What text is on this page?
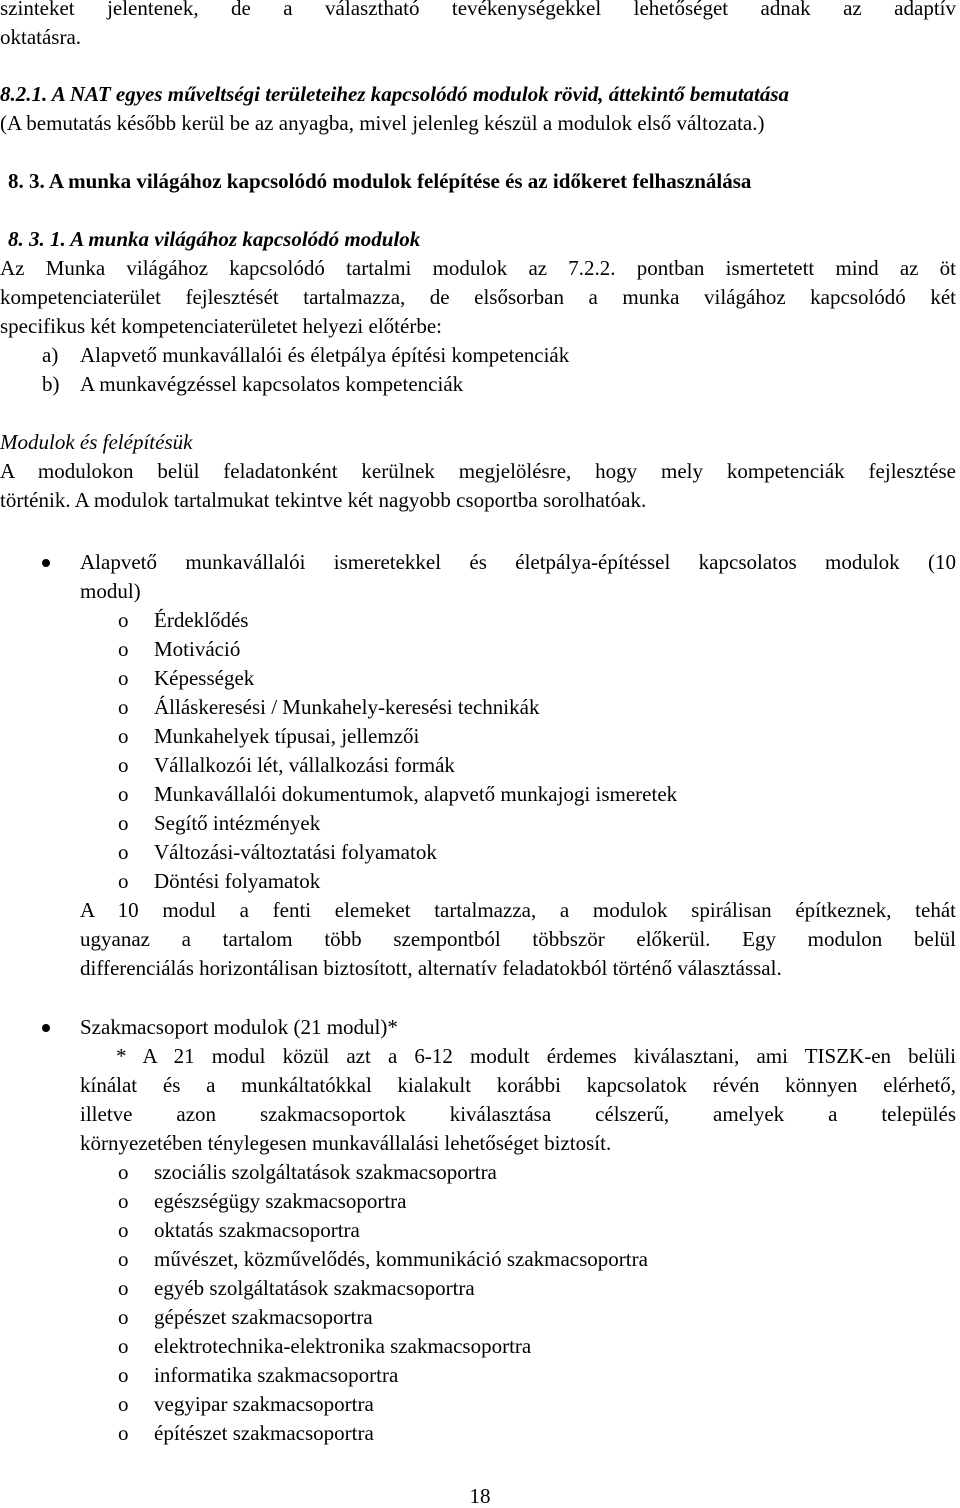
szinteket jelentenek, de a választható tevékenységekkel lehetőséget adnak az adaptív
oktatásra.
8.2.1. A NAT egyes műveltségi területeihez kapcsolódó modulok rövid, áttekintő bemutatása
(A bemutatás később kerül be az anyagba, mivel jelenleg készül a modulok első változata.)
8. 3. A munka világához kapcsolódó modulok felépítése és az időkeret felhasználása
8. 3. 1. A munka világához kapcsolódó modulok
Az Munka világához kapcsolódó tartalmi modulok az 7.2.2. pontban ismertetett mind az öt
kompetenciaterület fejlesztését tartalmazza, de elsősorban a munka világához kapcsolódó két
specifikus két kompetenciaterületet helyezi előtérbe:
a) Alapvető munkavállalói és életpálya építési kompetenciák
b) A munkavégzéssel kapcsolatos kompetenciák
Modulok és felépítésük
A modulokon belül feladatonként kerülnek megjelölésre, hogy mely kompetenciák fejlesztése
történik. A modulok tartalmukat tekintve két nagyobb csoportba sorolhatóak.
Alapvető munkavállalói ismeretekkel és életpálya-építéssel kapcsolatos modulok (10
modul)
o Érdeklődés
o Motiváció
o Képességek
o Álláskeresési / Munkahely-keresési technikák
o Munkahelyek típusai, jellemzői
o Vállalkozói lét, vállalkozási formák
o Munkavállalói dokumentumok, alapvető munkajogi ismeretek
o Segítő intézmények
o Változási-változtatási folyamatok
o Döntési folyamatok
A 10 modul a fenti elemeket tartalmazza, a modulok spirálisan építkeznek, tehát
ugyanaz a tartalom több szempontból többször előkerül. Egy modulon belül
differenciálás horizontálisan biztosított, alternatív feladatokból történő választással.
Szakmacsoport modulok (21 modul)*
* A 21 modul közül azt a 6-12 modult érdemes kiválasztani, ami TISZK-en belüli
kínálat és a munkáltatókkal kialakult korábbi kapcsolatok révén könnyen elérhető,
illetve azon szakmacsoportok kiválasztása célszerű, amelyek a település
környezetében ténylegesen munkavállalási lehetőséget biztosít.
o szociális szolgáltatások szakmacsoportra
o egészségügy szakmacsoportra
o oktatás szakmacsoportra
o művészet, közművelődés, kommunikáció szakmacsoportra
o egyéb szolgáltatások szakmacsoportra
o gépészet szakmacsoportra
o elektrotechnika-elektronika szakmacsoportra
o informatika szakmacsoportra
o vegyipar szakmacsoportra
o építészet szakmacsoportra
18
